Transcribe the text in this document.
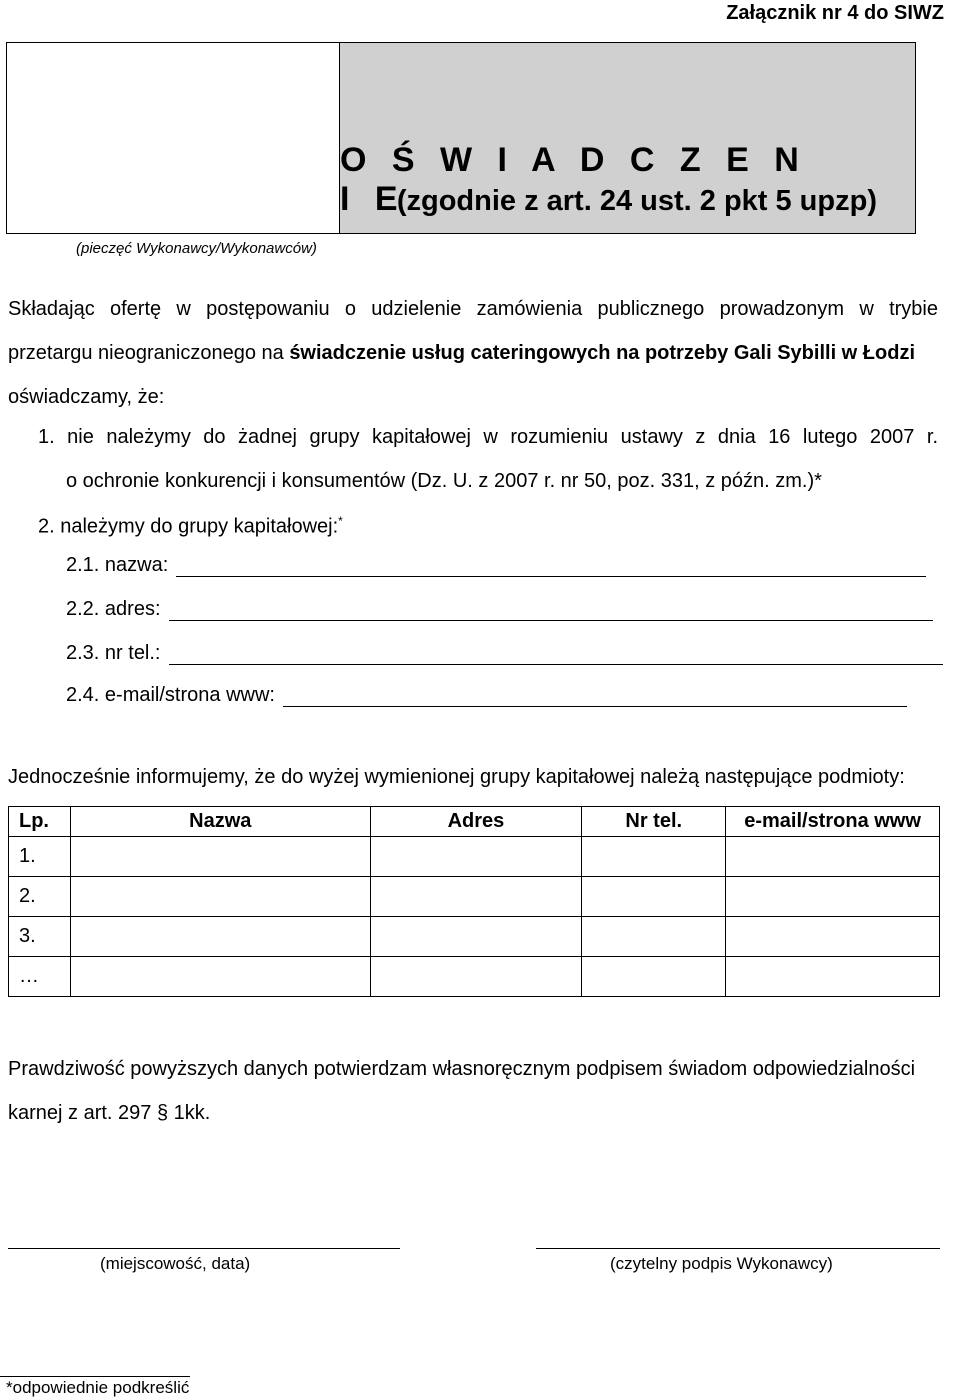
Załącznik nr 4 do SIWZ
O Ś W I A D C Z E N I E
(zgodnie z art. 24 ust. 2 pkt 5 upzp)
(pieczęć Wykonawcy/Wykonawców)
Składając ofertę w postępowaniu o udzielenie zamówienia publicznego prowadzonym w trybie
przetargu nieograniczonego na świadczenie usług cateringowych na potrzeby Gali Sybilli w Łodzi
oświadczamy, że:
1. nie należymy do żadnej grupy kapitałowej w rozumieniu ustawy z dnia 16 lutego 2007 r.
o ochronie konkurencji i konsumentów (Dz. U. z 2007 r. nr 50, poz. 331, z późn. zm.)*
2. należymy do grupy kapitałowej:*
2.1. nazwa:
2.2. adres:
2.3. nr tel.:
2.4. e-mail/strona www:
Jednocześnie informujemy, że do wyżej wymienionej grupy kapitałowej należą następujące podmioty:
Lp.	Nazwa	Adres	Nr tel.	e-mail/strona www
1.				
2.				
3.				
…				
Prawdziwość powyższych danych potwierdzam własnoręcznym podpisem świadom odpowiedzialności
karnej z art. 297 § 1kk.
(miejscowość, data)	(czytelny podpis Wykonawcy)
*odpowiednie podkreślić
